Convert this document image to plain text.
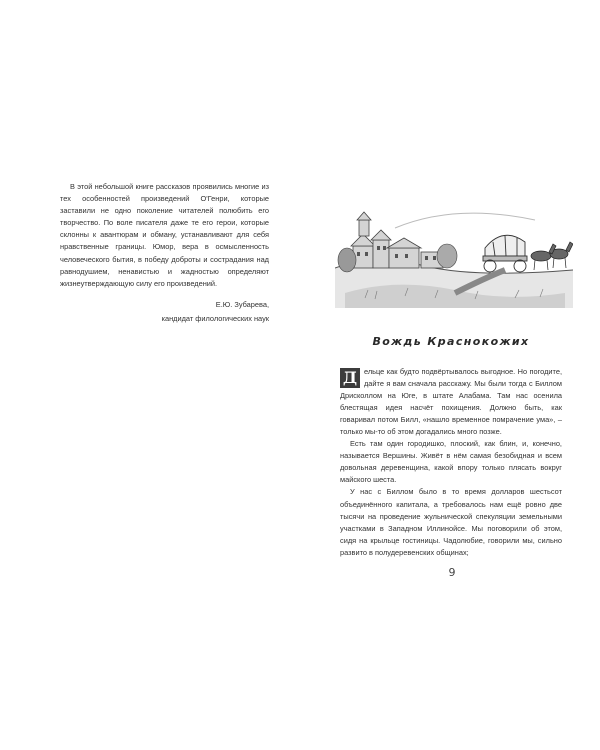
В этой небольшой книге рассказов проявились многие из тех особенностей произведений О'Генри, которые заставили не одно поколение читателей полюбить его творчество. По воле писателя даже те его герои, которые склонны к авантюрам и обману, устанавливают для себя нравственные границы. Юмор, вера в осмысленность человеческого бытия, в победу доброты и сострадания над равнодушием, ненавистью и жадностью определяют жизнеутверждающую силу его произведений.

Е.Ю. Зубарева,
кандидат филологических наук
Вождь Краснокожих

Д ельце как будто подвёртывалось выгодное. Но погодите, дайте я вам сначала расскажу. Мы были тогда с Биллом Дрисколлом на Юге, в штате Алабама. Там нас осенила блестящая идея насчёт похищения. Должно быть, как говаривал потом Билл, «нашло временное помрачение ума», – только мы-то об этом догадались много позже.

Есть там один городишко, плоский, как блин, и, конечно, называется Вершины. Живёт в нём самая безобидная и всем довольная деревенщина, какой впору только плясать вокруг майского шеста.

У нас с Биллом было в то время долларов шестьсот объединённого капитала, а требовалось нам ещё ровно две тысячи на проведение жульнической спекуляции земельными участками в Западном Иллинойсе. Мы поговорили об этом, сидя на крыльце гостиницы. Чадолюбие, говорили мы, сильно развито в полудеревенских общинах;

9
